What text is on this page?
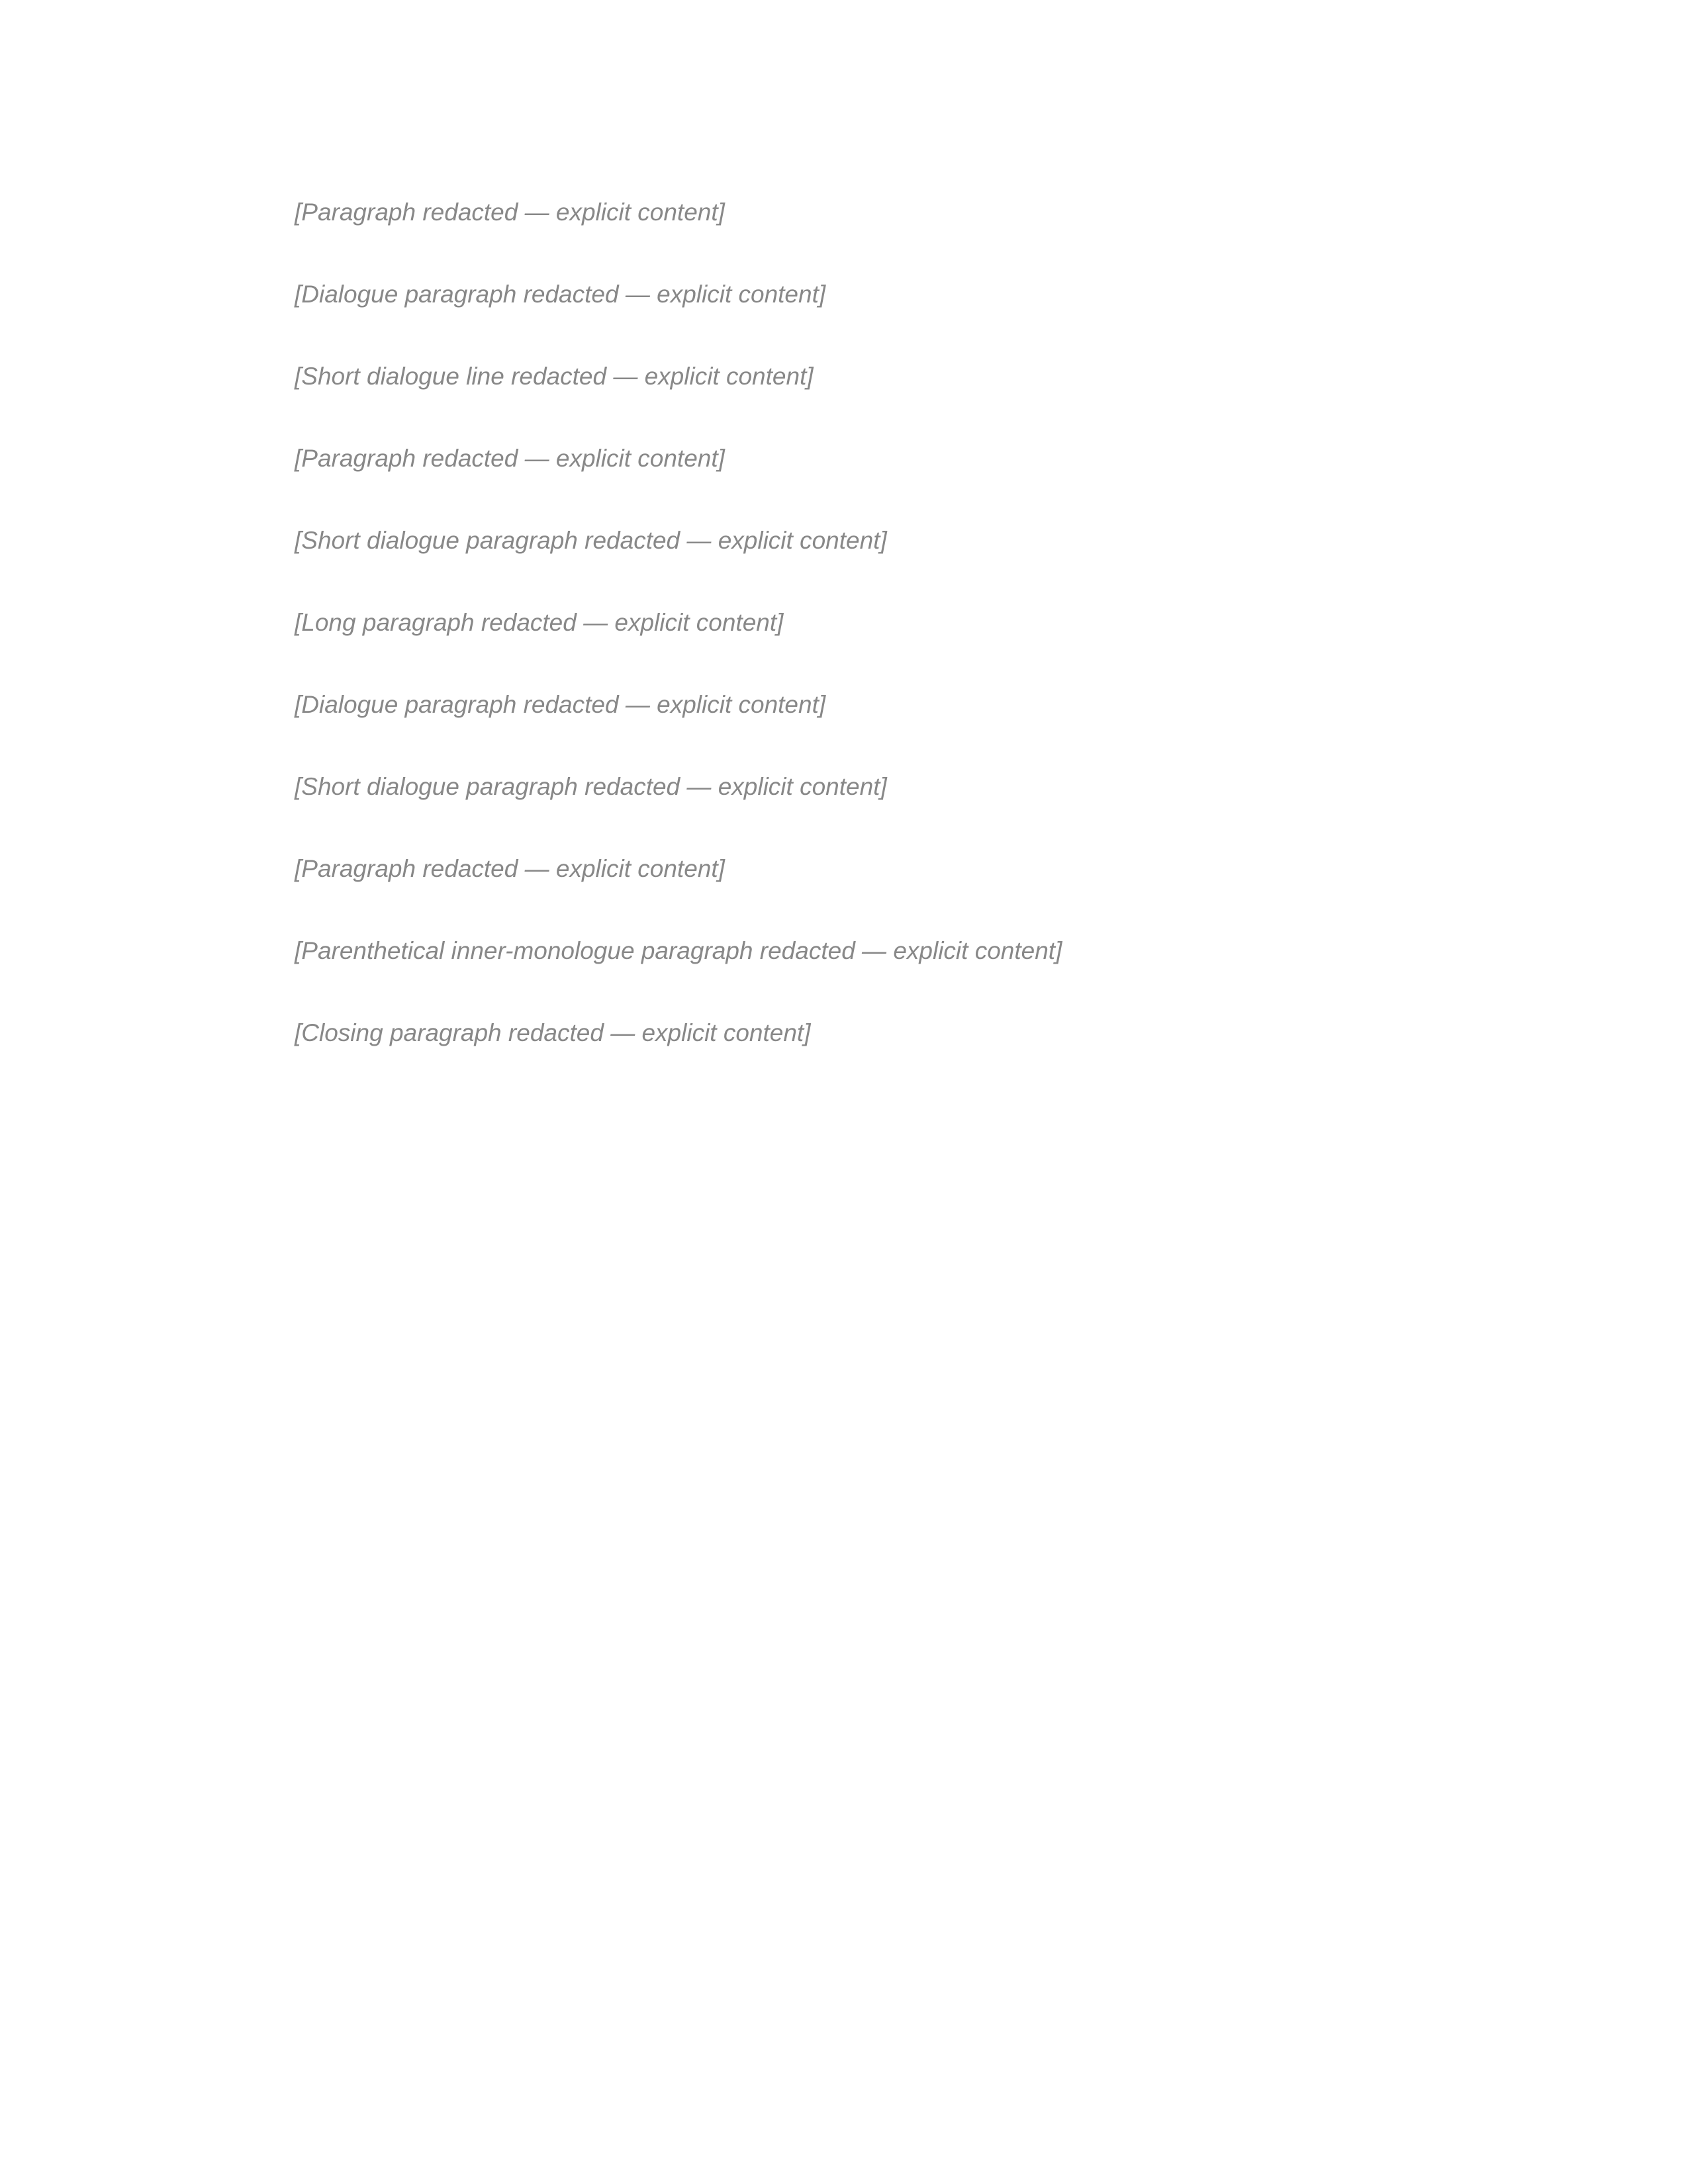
[Paragraph redacted — explicit content]

[Dialogue paragraph redacted — explicit content]

[Short dialogue line redacted — explicit content]

[Paragraph redacted — explicit content]

[Short dialogue paragraph redacted — explicit content]

[Long paragraph redacted — explicit content]

[Dialogue paragraph redacted — explicit content]

[Short dialogue paragraph redacted — explicit content]

[Paragraph redacted — explicit content]

[Parenthetical inner-monologue paragraph redacted — explicit content]

[Closing paragraph redacted — explicit content]
